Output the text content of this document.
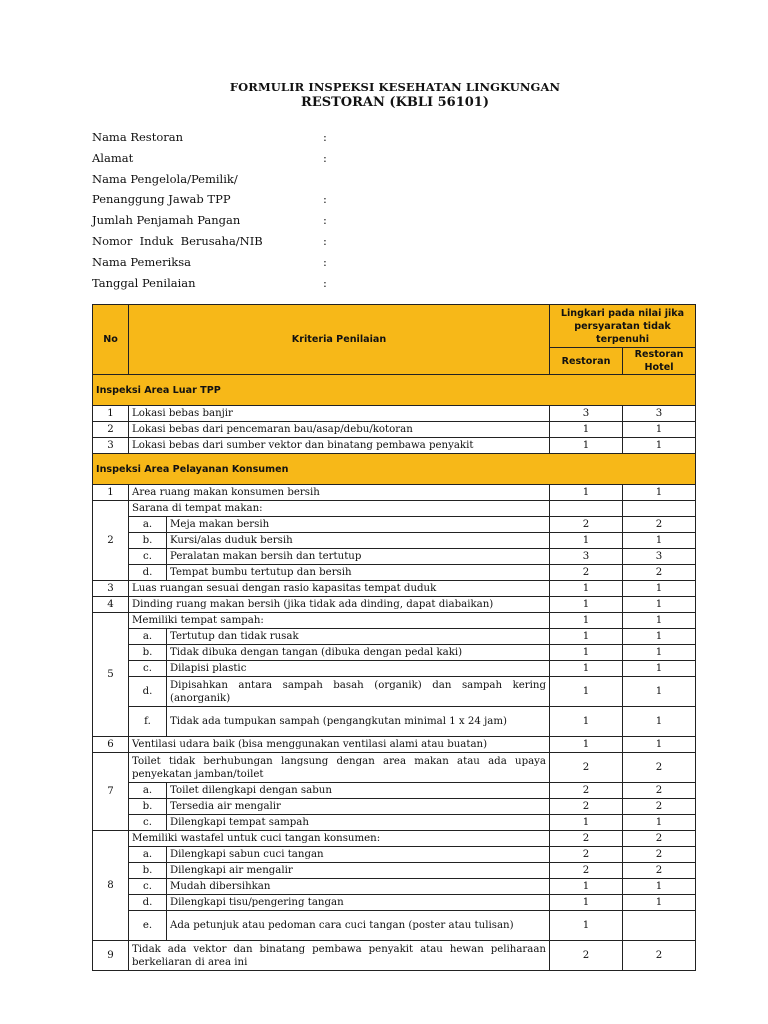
FORMULIR INSPEKSI KESEHATAN LINGKUNGAN
RESTORAN (KBLI 56101)
Nama Restoran	:
Alamat	:
Nama Pengelola/Pemilik/
Penanggung Jawab TPP	:
Jumlah Penjamah Pangan	:
Nomor  Induk  Berusaha/NIB	:
Nama Pemeriksa	:
Tanggal Penilaian	:
No	Kriteria Penilaian		Lingkari pada nilai jika persyaratan tidak terpenuhi	
			Restoran	Restoran Hotel
Inspeksi Area Luar TPP				
1	Lokasi bebas banjir		3	3
2	Lokasi bebas dari pencemaran bau/asap/debu/kotoran		1	1
3	Lokasi bebas dari sumber vektor dan binatang pembawa penyakit		1	1
Inspeksi Area Pelayanan Konsumen				
1	Area ruang makan konsumen bersih		1	1
2	Sarana di tempat makan:			
	a.	Meja makan bersih	2	2
	b.	Kursi/alas duduk bersih	1	1
	c.	Peralatan makan bersih dan tertutup	3	3
	d.	Tempat bumbu tertutup dan bersih	2	2
3	Luas ruangan sesuai dengan rasio kapasitas tempat duduk		1	1
4	Dinding ruang makan bersih (jika tidak ada dinding, dapat diabaikan)		1	1
5	Memiliki tempat sampah:		1	1
	a.	Tertutup dan tidak rusak	1	1
	b.	Tidak dibuka dengan tangan (dibuka dengan pedal kaki)	1	1
	c.	Dilapisi plastic	1	1
	d.	Dipisahkan antara sampah basah (organik) dan sampah kering (anorganik)	1	1
	f.	Tidak ada tumpukan sampah (pengangkutan minimal 1 x 24 jam)	1	1
6	Ventilasi udara baik (bisa menggunakan ventilasi alami atau buatan)		1	1
7	Toilet tidak berhubungan langsung dengan area makan atau ada upaya penyekatan jamban/toilet		2	2
	a.	Toilet dilengkapi dengan sabun	2	2
	b.	Tersedia air mengalir	2	2
	c.	Dilengkapi tempat sampah	1	1
8	Memiliki wastafel untuk cuci tangan konsumen:		2	2
	a.	Dilengkapi sabun cuci tangan	2	2
	b.	Dilengkapi air mengalir	2	2
	c.	Mudah dibersihkan	1	1
	d.	Dilengkapi tisu/pengering tangan	1	1
	e.	Ada petunjuk atau pedoman cara cuci tangan (poster atau tulisan)	1	
9	Tidak ada vektor dan binatang pembawa penyakit atau hewan peliharaan berkeliaran di area ini		2	2
